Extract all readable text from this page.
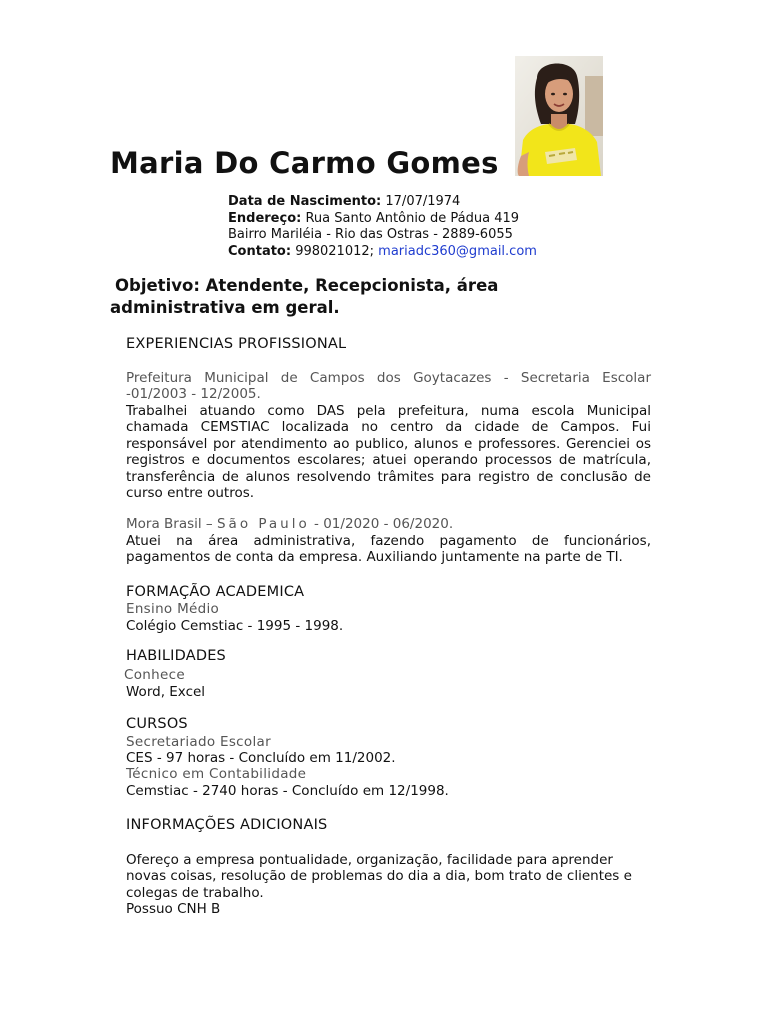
Maria Do Carmo Gomes
Data de Nascimento: 17/07/1974
Endereço: Rua Santo Antônio de Pádua 419
Bairro Mariléia - Rio das Ostras - 2889-6055
Contato: 998021012; mariadc360@gmail.com
Objetivo: Atendente, Recepcionista, área administrativa em geral.
EXPERIENCIAS PROFISSIONAL
Prefeitura Municipal de Campos dos Goytacazes - Secretaria Escolar -01/2003 - 12/2005.
Trabalhei atuando como DAS pela prefeitura, numa escola Municipal chamada CEMSTIAC localizada no centro da cidade de Campos. Fui responsável por atendimento ao publico, alunos e professores. Gerenciei os registros e documentos escolares; atuei operando processos de matrícula, transferência de alunos resolvendo trâmites para registro de conclusão de curso entre outros.
Mora Brasil – São Paulo - 01/2020 - 06/2020.
Atuei na área administrativa, fazendo pagamento de funcionários, pagamentos de conta da empresa. Auxiliando juntamente na parte de TI.
FORMAÇÃO ACADEMICA
Ensino Médio
Colégio Cemstiac - 1995 - 1998.
HABILIDADES
Conhece
Word, Excel
CURSOS
Secretariado Escolar
CES - 97 horas - Concluído em 11/2002.
Técnico em Contabilidade
Cemstiac - 2740 horas - Concluído em 12/1998.
INFORMAÇÕES ADICIONAIS
Ofereço a empresa pontualidade, organização, facilidade para aprender novas coisas, resolução de problemas do dia a dia, bom trato de clientes e colegas de trabalho.
Possuo CNH B
